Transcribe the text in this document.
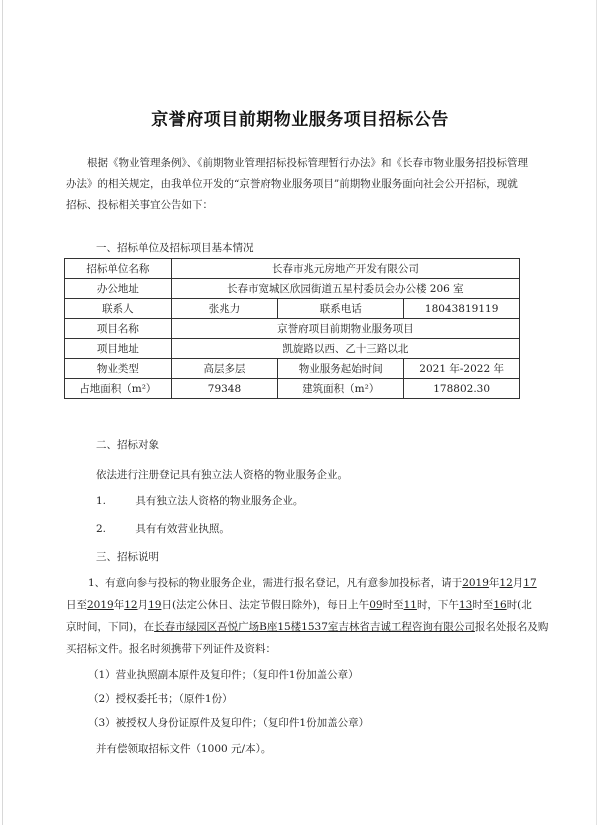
京誉府项目前期物业服务项目招标公告

根据《物业管理条例》、《前期物业管理招标投标管理暂行办法》和《长春市物业服务招投标管理办法》的相关规定，由我单位开发的“京誉府物业服务项目”前期物业服务面向社会公开招标，现就招标、投标相关事宜公告如下：

一、招标单位及招标项目基本情况
招标单位名称	长春市兆元房地产开发有限公司		
办公地址	长春市宽城区欣园街道五星村委员会办公楼 206 室		
联系人	张兆力	联系电话	18043819119
项目名称	京誉府项目前期物业服务项目		
项目地址	凯旋路以西、乙十三路以北		
物业类型	高层多层	物业服务起始时间	2021 年-2022 年
占地面积（m²）	79348	建筑面积（m²）	178802.30
二、招标对象
依法进行注册登记具有独立法人资格的物业服务企业。
1.	具有独立法人资格的物业服务企业。
2.	具有有效营业执照。
三、招标说明
1、有意向参与投标的物业服务企业，需进行报名登记，凡有意参加投标者，请于2019年12月17
日至2019年12月19日(法定公休日、法定节假日除外)，每日上午09时至11时，下午13时至16时(北
京时间，下同)，在长春市绿园区吾悦广场B座15楼1537室吉林省吉诚工程咨询有限公司报名处报名及购
买招标文件。报名时须携带下列证件及资料：
（1）营业执照副本原件及复印件；（复印件1份加盖公章）
（2）授权委托书；（原件1份）
（3）被授权人身份证原件及复印件；（复印件1份加盖公章）
并有偿领取招标文件（1000 元/本）。
